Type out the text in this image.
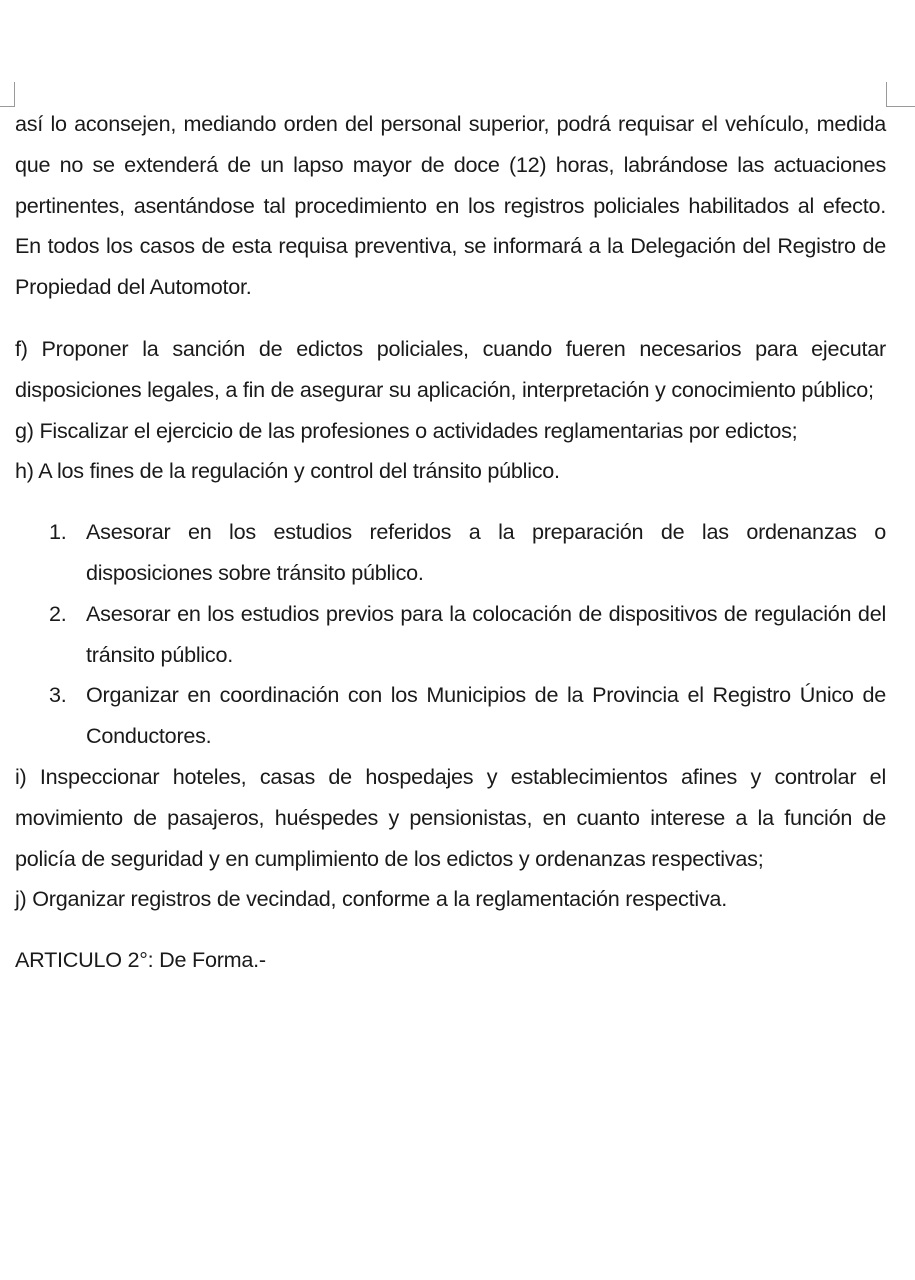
así lo aconsejen, mediando orden del personal superior, podrá requisar el vehículo, medida que no se extenderá de un lapso mayor de doce (12) horas, labrándose las actuaciones pertinentes, asentándose tal procedimiento en los registros policiales habilitados al efecto. En todos los casos de esta requisa preventiva, se informará a la Delegación del Registro de Propiedad del Automotor.

f) Proponer la sanción de edictos policiales, cuando fueren necesarios para ejecutar disposiciones legales, a fin de asegurar su aplicación, interpretación y conocimiento público;

g) Fiscalizar el ejercicio de las profesiones o actividades reglamentarias por edictos;

h) A los fines de la regulación y control del tránsito público.

1. Asesorar en los estudios referidos a la preparación de las ordenanzas o disposiciones sobre tránsito público.
2. Asesorar en los estudios previos para la colocación de dispositivos de regulación del tránsito público.
3. Organizar en coordinación con los Municipios de la Provincia el Registro Único de Conductores.

i) Inspeccionar hoteles, casas de hospedajes y establecimientos afines y controlar el movimiento de pasajeros, huéspedes y pensionistas, en cuanto interese a la función de policía de seguridad y en cumplimiento de los edictos y ordenanzas respectivas;

j) Organizar registros de vecindad, conforme a la reglamentación respectiva.

ARTICULO 2°: De Forma.-
